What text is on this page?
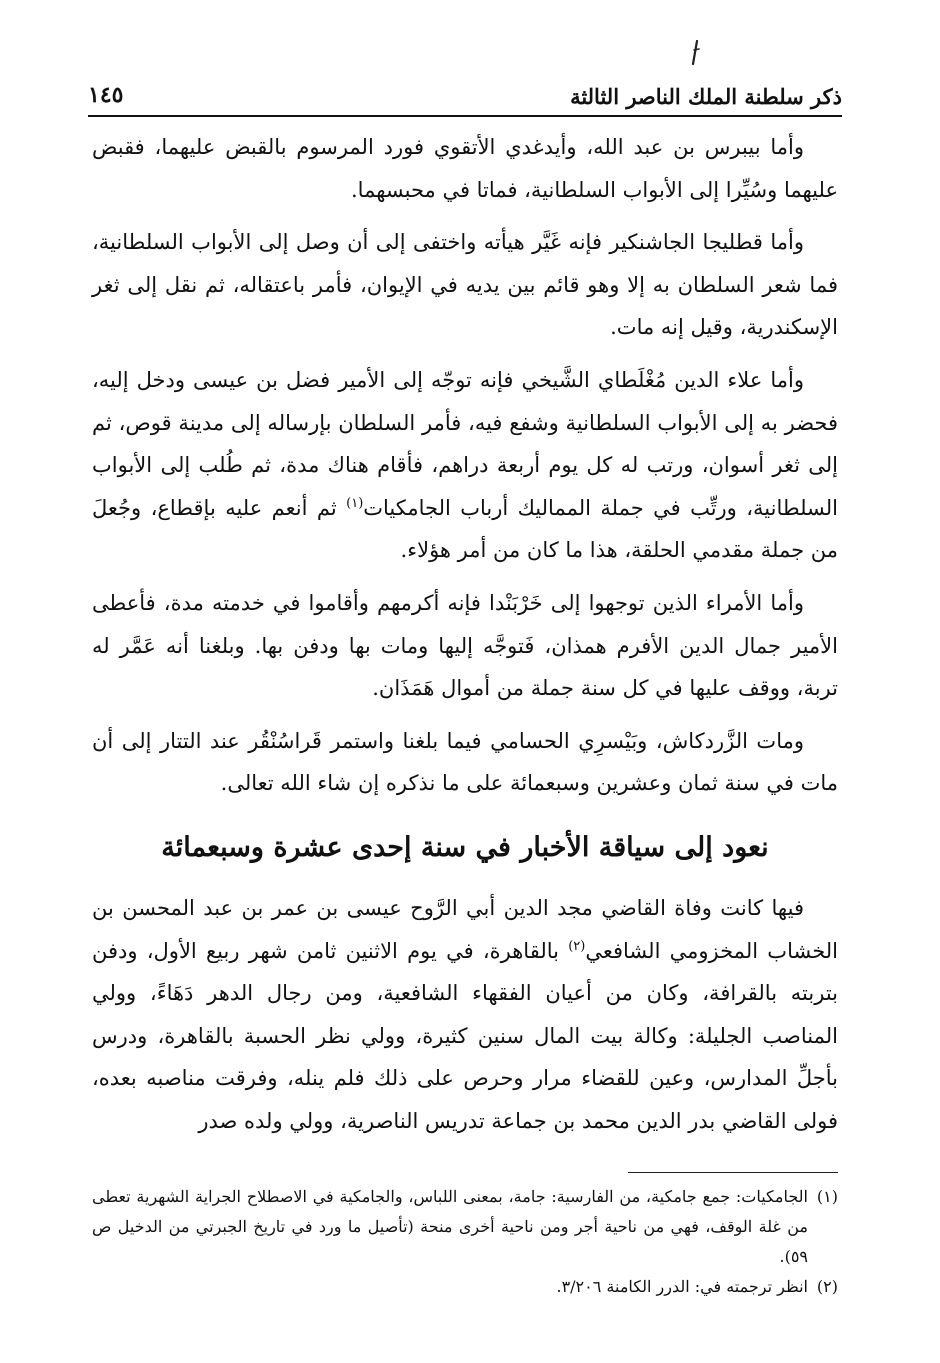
ذكر سلطنة الملك الناصر الثالثة
١٤٥

وأما بيبرس بن عبد الله، وأيدغدي الأتقوي فورد المرسوم بالقبض عليهما، فقبض عليهما وسُيِّرا إلى الأبواب السلطانية، فماتا في محبسهما.

وأما قطليجا الجاشنكير فإنه غَيَّر هيأته واختفى إلى أن وصل إلى الأبواب السلطانية، فما شعر السلطان به إلا وهو قائم بين يديه في الإيوان، فأمر باعتقاله، ثم نقل إلى ثغر الإسكندرية، وقيل إنه مات.

وأما علاء الدين مُغْلَطاي الشَّيخي فإنه توجّه إلى الأمير فضل بن عيسى ودخل إليه، فحضر به إلى الأبواب السلطانية وشفع فيه، فأمر السلطان بإرساله إلى مدينة قوص، ثم إلى ثغر أسوان، ورتب له كل يوم أربعة دراهم، فأقام هناك مدة، ثم طُلب إلى الأبواب السلطانية، ورتِّب في جملة المماليك أرباب الجامكيات$^{(١)}$ ثم أنعم عليه بإقطاع، وجُعلَ من جملة مقدمي الحلقة، هذا ما كان من أمر هؤلاء.

وأما الأمراء الذين توجهوا إلى خَرْبَنْدا فإنه أكرمهم وأقاموا في خدمته مدة، فأعطى الأمير جمال الدين الأفرم همذان، فَتوجَّه إليها ومات بها ودفن بها. وبلغنا أنه عَمَّر له تربة، ووقف عليها في كل سنة جملة من أموال هَمَذَان.

ومات الزَّردكاش، وبَيْسرِي الحسامي فيما بلغنا واستمر قَراسُنْقُر عند التتار إلى أن مات في سنة ثمان وعشرين وسبعمائة على ما نذكره إن شاء الله تعالى.

نعود إلى سياقة الأخبار في سنة إحدى عشرة وسبعمائة

فيها كانت وفاة القاضي مجد الدين أبي الرَّوح عيسى بن عمر بن عبد المحسن بن الخشاب المخزومي الشافعي$^{(٢)}$ بالقاهرة، في يوم الاثنين ثامن شهر ربيع الأول، ودفن بتربته بالقرافة، وكان من أعيان الفقهاء الشافعية، ومن رجال الدهر دَهَاءً، وولي المناصب الجليلة: وكالة بيت المال سنين كثيرة، وولي نظر الحسبة بالقاهرة، ودرس بأجلِّ المدارس، وعين للقضاء مرار وحرص على ذلك فلم ينله، وفرقت مناصبه بعده، فولى القاضي بدر الدين محمد بن جماعة تدريس الناصرية، وولي ولده صدر

(١)
الجامكيات: جمع جامكية، من الفارسية: جامة، بمعنى اللباس، والجامكية في الاصطلاح الجراية الشهرية تعطى من غلة الوقف، فهي من ناحية أجر ومن ناحية أخرى منحة (تأصيل ما ورد في تاريخ الجبرتي من الدخيل ص ٥٩).
(٢)
انظر ترجمته في: الدرر الكامنة ٣/٢٠٦.
